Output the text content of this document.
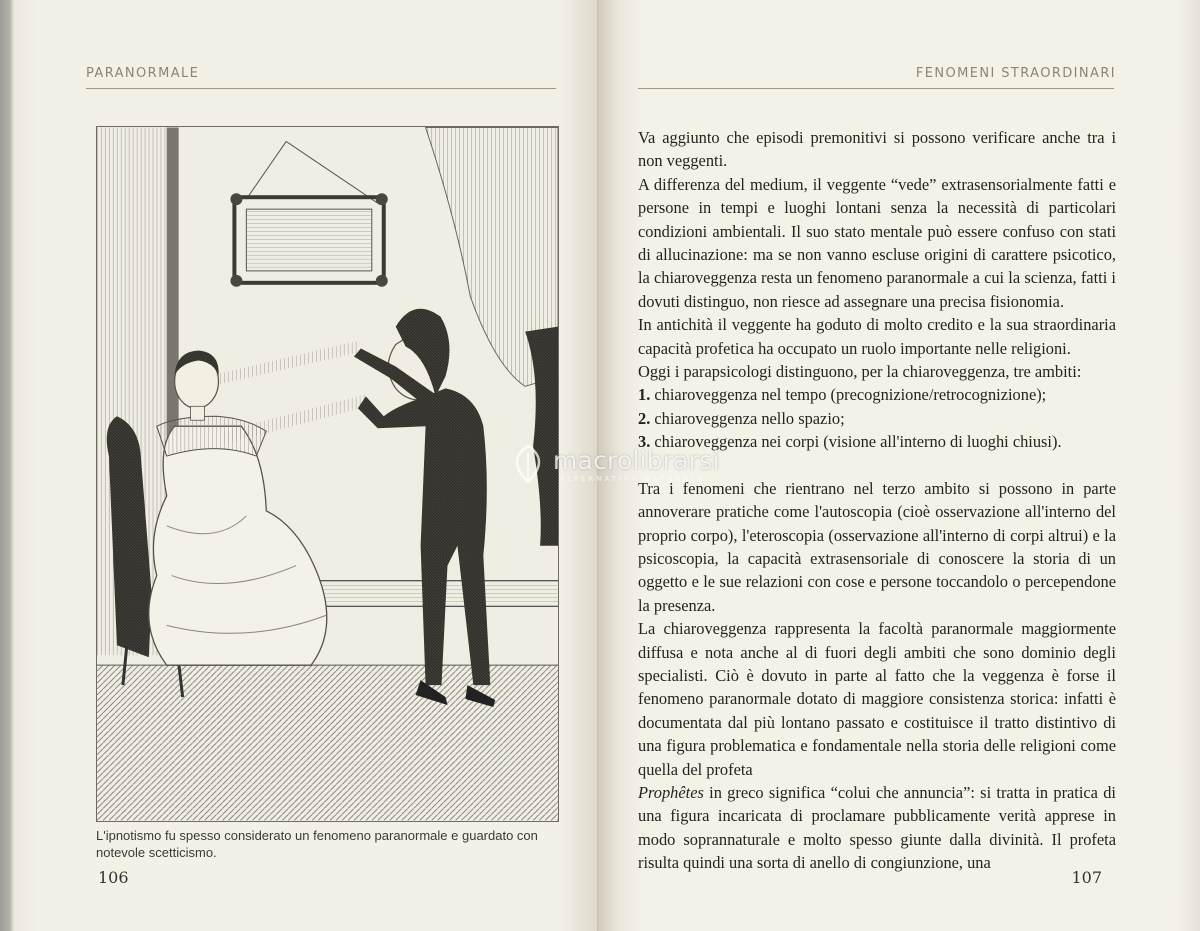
PARANORMALE
L'ipnotismo fu spesso considerato un fenomeno paranormale e guardato con notevole scetticismo.
106
FENOMENI STRAORDINARI

Va aggiunto che episodi premonitivi si possono verificare anche tra i non veggenti.

A differenza del medium, il veggente “vede” extrasensorialmente fatti e persone in tempi e luoghi lontani senza la necessità di particolari condizioni ambientali. Il suo stato mentale può essere confuso con stati di allucinazione: ma se non vanno escluse origini di carattere psicotico, la chiaroveggenza resta un fenomeno paranormale a cui la scienza, fatti i dovuti distinguo, non riesce ad assegnare una precisa fisionomia.

In antichità il veggente ha goduto di molto credito e la sua straordinaria capacità profetica ha occupato un ruolo importante nelle religioni.

Oggi i parapsicologi distinguono, per la chiaroveggenza, tre ambiti:

1. chiaroveggenza nel tempo (precognizione/retrocognizione);

2. chiaroveggenza nello spazio;

3. chiaroveggenza nei corpi (visione all'interno di luoghi chiusi).

Tra i fenomeni che rientrano nel terzo ambito si possono in parte annoverare pratiche come l'autoscopia (cioè osservazione all'interno del proprio corpo), l'eteroscopia (osservazione all'interno di corpi altrui) e la psicoscopia, la capacità extrasensoriale di conoscere la storia di un oggetto e le sue relazioni con cose e persone toccandolo o percependone la presenza.

La chiaroveggenza rappresenta la facoltà paranormale maggiormente diffusa e nota anche al di fuori degli ambiti che sono dominio degli specialisti. Ciò è dovuto in parte al fatto che la veggenza è forse il fenomeno paranormale dotato di maggiore consistenza storica: infatti è documentata dal più lontano passato e costituisce il tratto distintivo di una figura problematica e fondamentale nella storia delle religioni come quella del profeta

Prophêtes in greco significa “colui che annuncia”: si tratta in pratica di una figura incaricata di proclamare pubblicamente verità apprese in modo soprannaturale e molto spesso giunte dalla divinità. Il profeta risulta quindi una sorta di anello di congiunzione, una

107
macrolibrarsi
ALTERNATIVA NATURALE
